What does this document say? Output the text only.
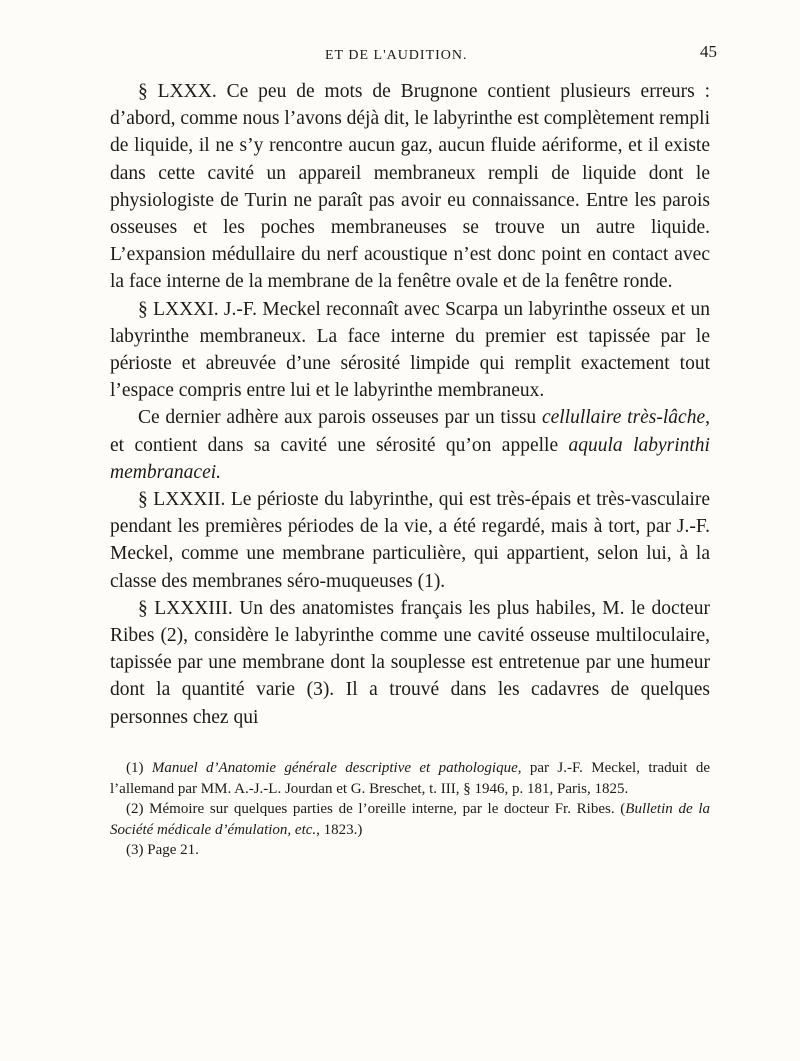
ET DE L'AUDITION.	45

§ LXXX. Ce peu de mots de Brugnone contient plusieurs erreurs : d’abord, comme nous l’avons déjà dit, le labyrinthe est complètement rempli de liquide, il ne s’y rencontre aucun gaz, aucun fluide aériforme, et il existe dans cette cavité un appareil membraneux rempli de liquide dont le physiologiste de Turin ne paraît pas avoir eu connaissance. Entre les parois osseuses et les poches membraneuses se trouve un autre liquide. L’expansion médullaire du nerf acoustique n’est donc point en contact avec la face interne de la membrane de la fenêtre ovale et de la fenêtre ronde.

§ LXXXI. J.-F. Meckel reconnaît avec Scarpa un labyrinthe osseux et un labyrinthe membraneux. La face interne du premier est tapissée par le périoste et abreuvée d’une sérosité limpide qui remplit exactement tout l’espace compris entre lui et le labyrinthe membraneux.

Ce dernier adhère aux parois osseuses par un tissu cellullaire très-lâche, et contient dans sa cavité une sérosité qu’on appelle aquula labyrinthi membranacei.

§ LXXXII. Le périoste du labyrinthe, qui est très-épais et très-vasculaire pendant les premières périodes de la vie, a été regardé, mais à tort, par J.-F. Meckel, comme une membrane particulière, qui appartient, selon lui, à la classe des membranes séro-muqueuses (1).

§ LXXXIII. Un des anatomistes français les plus habiles, M. le docteur Ribes (2), considère le labyrinthe comme une cavité osseuse multiloculaire, tapissée par une membrane dont la souplesse est entretenue par une humeur dont la quantité varie (3). Il a trouvé dans les cadavres de quelques personnes chez qui

(1) Manuel d’Anatomie générale descriptive et pathologique, par J.-F. Meckel, traduit de l’allemand par MM. A.-J.-L. Jourdan et G. Breschet, t. III, § 1946, p. 181, Paris, 1825.

(2) Mémoire sur quelques parties de l’oreille interne, par le docteur Fr. Ribes. (Bulletin de la Société médicale d’émulation, etc., 1823.)

(3) Page 21.
